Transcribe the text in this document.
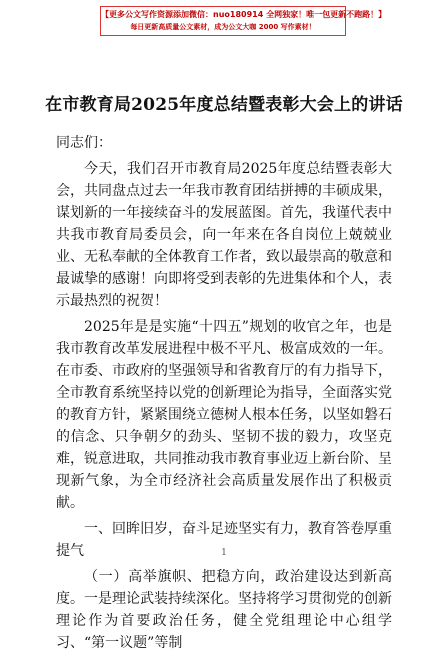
【更多公文写作资源添加微信：nuo180914 全网独家！唯一包更新不跑路！】
每日更新高质量公文素材，成为公文大咖 2000 写作素材！
在市教育局2025年度总结暨表彰大会上的讲话

同志们：

今天，我们召开市教育局2025年度总结暨表彰大会，共同盘点过去一年我市教育团结拼搏的丰硕成果，谋划新的一年接续奋斗的发展蓝图。首先，我谨代表中共我市教育局委员会，向一年来在各自岗位上兢兢业业、无私奉献的全体教育工作者，致以最崇高的敬意和最诚挚的感谢！向即将受到表彰的先进集体和个人，表示最热烈的祝贺！

2025年是是实施“十四五”规划的收官之年，也是我市教育改革发展进程中极不平凡、极富成效的一年。在市委、市政府的坚强领导和省教育厅的有力指导下，全市教育系统坚持以党的创新理论为指导，全面落实党的教育方针，紧紧围绕立德树人根本任务，以坚如磐石的信念、只争朝夕的劲头、坚韧不拔的毅力，攻坚克难，锐意进取，共同推动我市教育事业迈上新台阶、呈现新气象，为全市经济社会高质量发展作出了积极贡献。

一、回眸旧岁，奋斗足迹坚实有力，教育答卷厚重提气

（一）高举旗帜、把稳方向，政治建设达到新高度。一是理论武装持续深化。坚持将学习贯彻党的创新理论作为首要政治任务，健全党组理论中心组学习、“第一议题”等制

1
